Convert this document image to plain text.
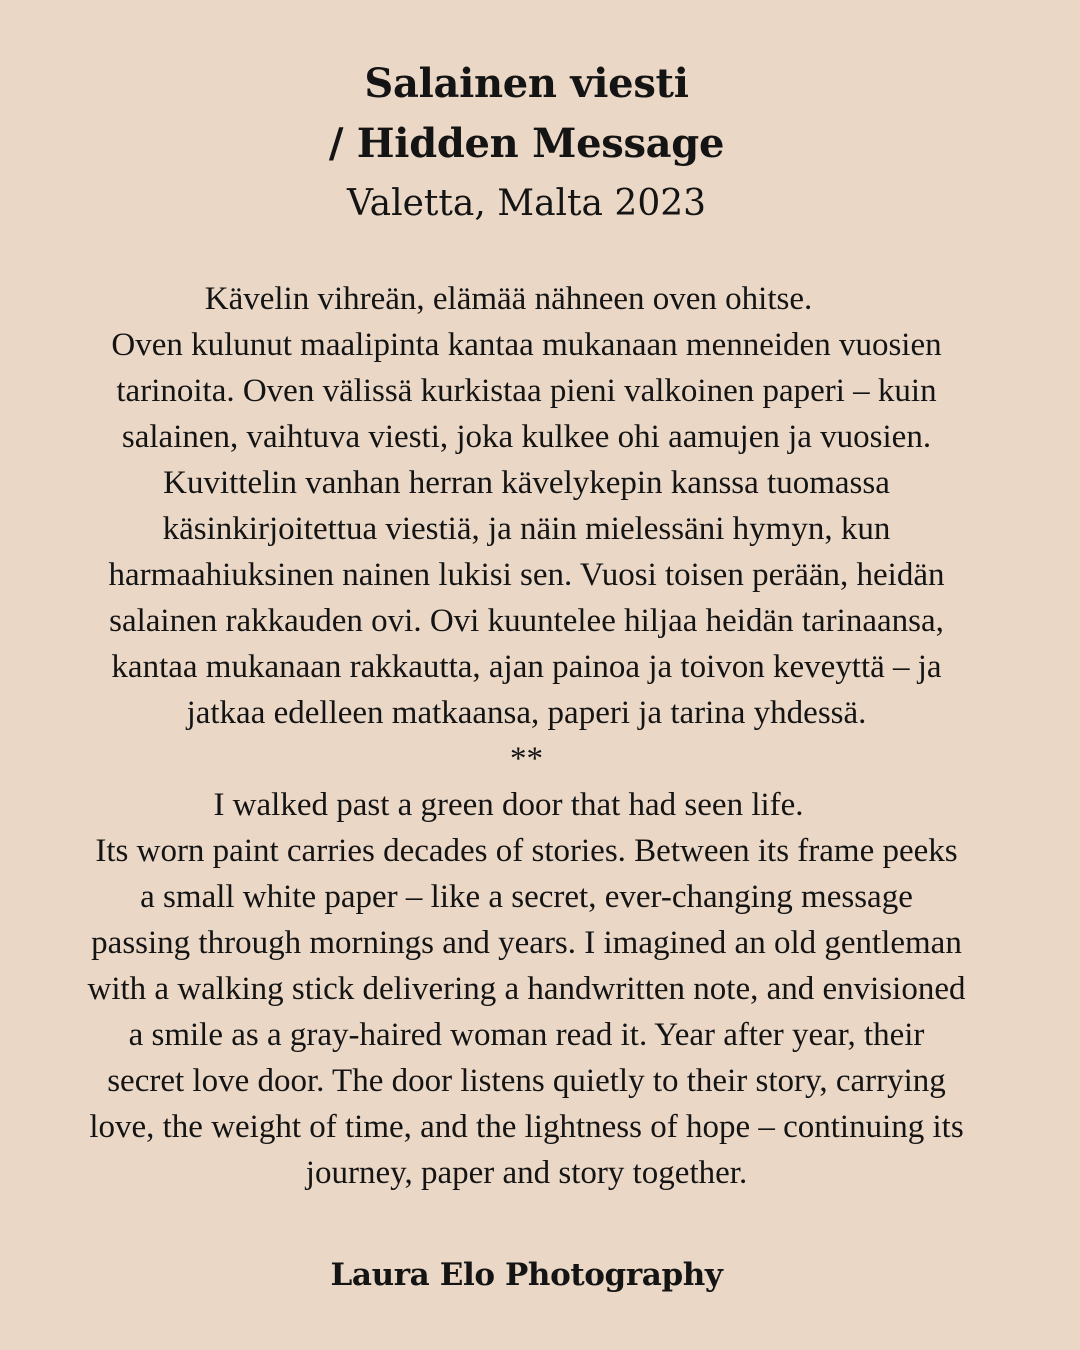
Salainen viesti
/ Hidden Message
Valetta, Malta 2023
Kävelin vihreän, elämää nähneen oven ohitse.
Oven kulunut maalipinta kantaa mukanaan menneiden vuosien
tarinoita. Oven välissä kurkistaa pieni valkoinen paperi – kuin
salainen, vaihtuva viesti, joka kulkee ohi aamujen ja vuosien.
Kuvittelin vanhan herran kävelykepin kanssa tuomassa
käsinkirjoitettua viestiä, ja näin mielessäni hymyn, kun
harmaahiuksinen nainen lukisi sen. Vuosi toisen perään, heidän
salainen rakkauden ovi. Ovi kuuntelee hiljaa heidän tarinaansa,
kantaa mukanaan rakkautta, ajan painoa ja toivon keveyttä – ja
jatkaa edelleen matkaansa, paperi ja tarina yhdessä.
**
I walked past a green door that had seen life.
Its worn paint carries decades of stories. Between its frame peeks
a small white paper – like a secret, ever-changing message
passing through mornings and years. I imagined an old gentleman
with a walking stick delivering a handwritten note, and envisioned
a smile as a gray-haired woman read it. Year after year, their
secret love door. The door listens quietly to their story, carrying
love, the weight of time, and the lightness of hope – continuing its
journey, paper and story together.
Laura Elo Photography
